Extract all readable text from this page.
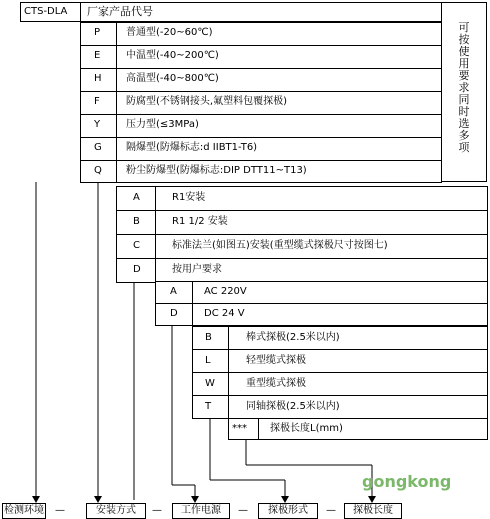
CTS-DLA 厂家产品代号
可按使用要求同时选多项
P	普通型(-20~60℃)
E	中温型(-40~200℃)
H 高温型(-40~800℃)
F	防腐型(不锈钢接头,氟塑料包覆探极)
Y	压力型(≤3MPa)
G 隔爆型(防爆标志:d IIBT1-T6)
Q 粉尘防爆型(防爆标志:DIP DTT11~T13)
A	R1安装
B	R1 1/2 安装
C	标准法兰(如图五)安装(重型缆式探极尺寸按图七)
D	按用户要求
A	AC 220V
D	DC 24 V
B	棒式探极(2.5米以内)
L	轻型缆式探极
W	重型缆式探极
T	同轴探极(2.5米以内)
*** 探极长度L(mm)
检测环境 —	安装方式	—	工作电源	—	探极形式	—	探极长度
gongkong
